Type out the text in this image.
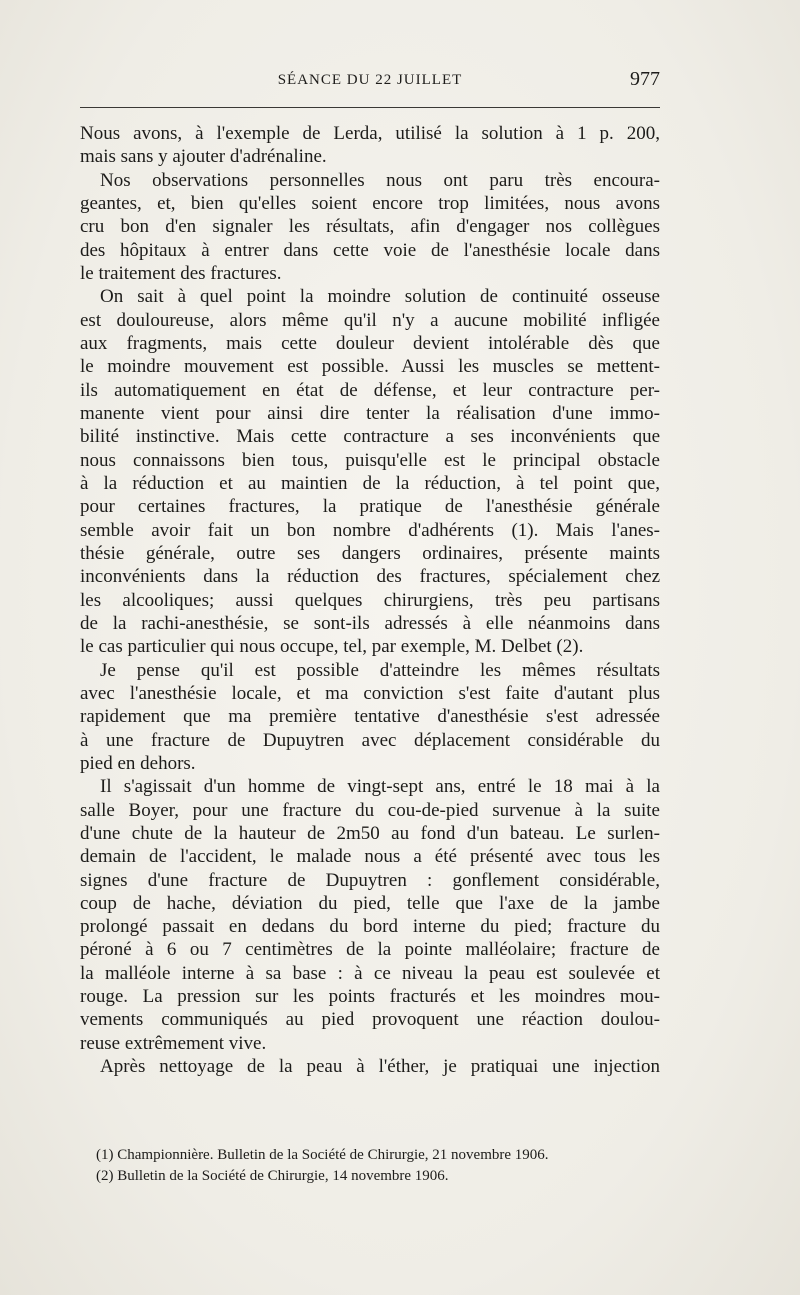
SÉANCE DU 22 JUILLET	977
Nous avons, à l'exemple de Lerda, utilisé la solution à 1 p. 200,
mais sans y ajouter d'adrénaline.
Nos observations personnelles nous ont paru très encoura-
geantes, et, bien qu'elles soient encore trop limitées, nous avons
cru bon d'en signaler les résultats, afin d'engager nos collègues
des hôpitaux à entrer dans cette voie de l'anesthésie locale dans
le traitement des fractures.
On sait à quel point la moindre solution de continuité osseuse
est douloureuse, alors même qu'il n'y a aucune mobilité infligée
aux fragments, mais cette douleur devient intolérable dès que
le moindre mouvement est possible. Aussi les muscles se mettent-
ils automatiquement en état de défense, et leur contracture per-
manente vient pour ainsi dire tenter la réalisation d'une immo-
bilité instinctive. Mais cette contracture a ses inconvénients que
nous connaissons bien tous, puisqu'elle est le principal obstacle
à la réduction et au maintien de la réduction, à tel point que,
pour certaines fractures, la pratique de l'anesthésie générale
semble avoir fait un bon nombre d'adhérents (1). Mais l'anes-
thésie générale, outre ses dangers ordinaires, présente maints
inconvénients dans la réduction des fractures, spécialement chez
les alcooliques; aussi quelques chirurgiens, très peu partisans
de la rachi-anesthésie, se sont-ils adressés à elle néanmoins dans
le cas particulier qui nous occupe, tel, par exemple, M. Delbet (2).
Je pense qu'il est possible d'atteindre les mêmes résultats
avec l'anesthésie locale, et ma conviction s'est faite d'autant plus
rapidement que ma première tentative d'anesthésie s'est adressée
à une fracture de Dupuytren avec déplacement considérable du
pied en dehors.
Il s'agissait d'un homme de vingt-sept ans, entré le 18 mai à la
salle Boyer, pour une fracture du cou-de-pied survenue à la suite
d'une chute de la hauteur de 2m50 au fond d'un bateau. Le surlen-
demain de l'accident, le malade nous a été présenté avec tous les
signes d'une fracture de Dupuytren : gonflement considérable,
coup de hache, déviation du pied, telle que l'axe de la jambe
prolongé passait en dedans du bord interne du pied; fracture du
péroné à 6 ou 7 centimètres de la pointe malléolaire; fracture de
la malléole interne à sa base : à ce niveau la peau est soulevée et
rouge. La pression sur les points fracturés et les moindres mou-
vements communiqués au pied provoquent une réaction doulou-
reuse extrêmement vive.
Après nettoyage de la peau à l'éther, je pratiquai une injection
(1) Championnière. Bulletin de la Société de Chirurgie, 21 novembre 1906.
(2) Bulletin de la Société de Chirurgie, 14 novembre 1906.
